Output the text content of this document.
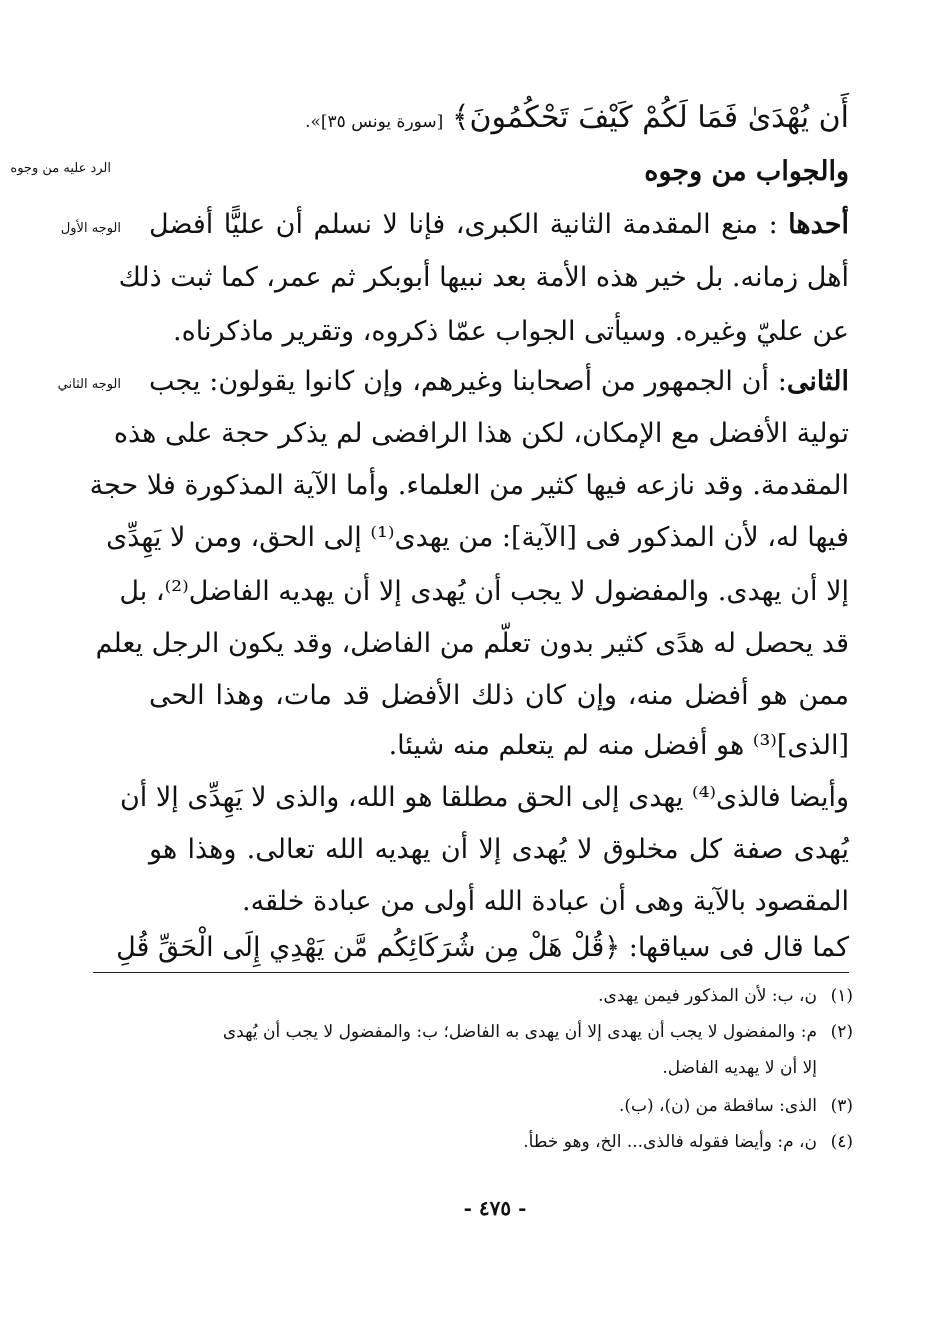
الرد عليه من وجوه
الوجه الأول
الوجه الثاني
أَن يُهْدَىٰ فَمَا لَكُمْ كَيْفَ تَحْكُمُونَ﴾ [سورة يونس ٣٥]».
والجواب من وجوه
أحدها : منع المقدمة الثانية الكبرى، فإنا لا نسلم أن عليًّا أفضل
أهل زمانه. بل خير هذه الأمة بعد نبيها أبوبكر ثم عمر، كما ثبت ذلك
عن عليّ وغيره. وسيأتى الجواب عمّا ذكروه، وتقرير ماذكرناه.
الثانى: أن الجمهور من أصحابنا وغيرهم، وإن كانوا يقولون: يجب
تولية الأفضل مع الإمكان، لكن هذا الرافضى لم يذكر حجة على هذه
المقدمة. وقد نازعه فيها كثير من العلماء. وأما الآية المذكورة فلا حجة
فيها له، لأن المذكور فى [الآية]: من يهدى⁽¹⁾ إلى الحق، ومن لا يَهِدِّى
إلا أن يهدى. والمفضول لا يجب أن يُهدى إلا أن يهديه الفاضل⁽²⁾، بل
قد يحصل له هدًى كثير بدون تعلّم من الفاضل، وقد يكون الرجل يعلم
ممن هو أفضل منه، وإن كان ذلك الأفضل قد مات، وهذا الحى
[الذى]⁽³⁾ هو أفضل منه لم يتعلم منه شيئا.
وأيضا فالذى⁽⁴⁾ يهدى إلى الحق مطلقا هو الله، والذى لا يَهِدِّى إلا أن
يُهدى صفة كل مخلوق لا يُهدى إلا أن يهديه الله تعالى. وهذا هو
المقصود بالآية وهى أن عبادة الله أولى من عبادة خلقه.
كما قال فى سياقها: ﴿قُلْ هَلْ مِن شُرَكَائِكُم مَّن يَهْدِي إِلَى الْحَقِّ قُلِ
(١)ن، ب: لأن المذكور فيمن يهدى.
(٢)م: والمفضول لا يجب أن يهدى إلا أن يهدى به الفاضل؛ ب: والمفضول لا يجب أن يُهدى
إلا أن لا يهديه الفاضل.
(٣)الذى: ساقطة من (ن)، (ب).
(٤)ن، م: وأيضا فقوله فالذى... الخ، وهو خطأ.
- ٤٧٥ -
